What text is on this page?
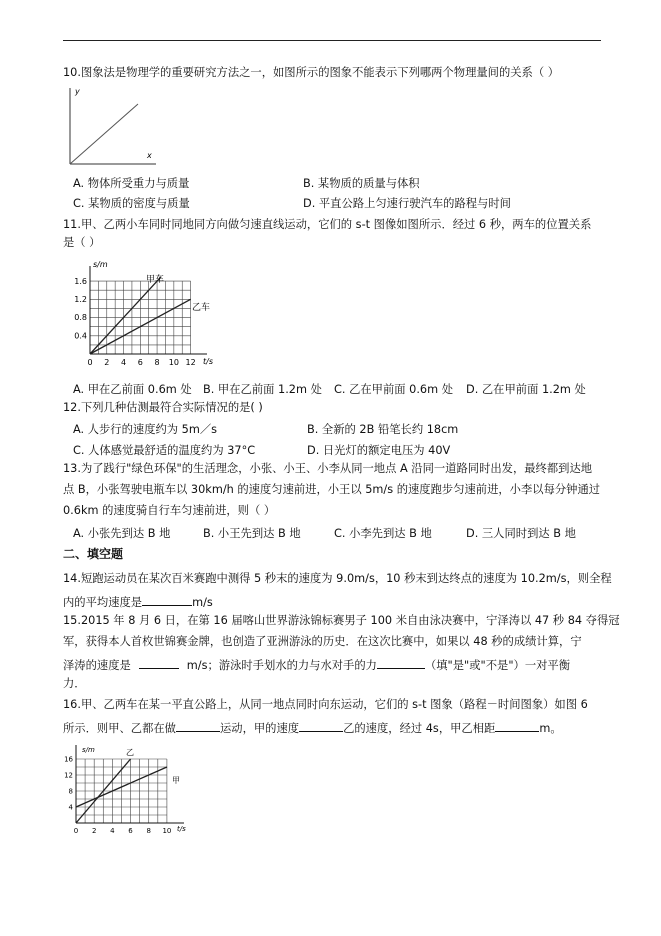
10.图象法是物理学的重要研究方法之一，如图所示的图象不能表示下列哪两个物理量间的关系（ ）
y
x
A. 物体所受重力与质量	B. 某物质的质量与体积
C. 某物质的密度与质量	D. 平直公路上匀速行驶汽车的路程与时间
11.甲、乙两小车同时同地同方向做匀速直线运动，它们的 s-t 图像如图所示．经过 6 秒，两车的位置关系
是（ ）
0 2 4 6 8 10 12
0.4
0.8
1.2
1.6
s/m
t/s
甲车
乙车
A. 甲在乙前面 0.6m 处 B. 甲在乙前面 1.2m 处 C. 乙在甲前面 0.6m 处 D. 乙在甲前面 1.2m 处
12.下列几种估测最符合实际情况的是( )
A. 人步行的速度约为 5m／s	B. 全新的 2B 铅笔长约 18cm
C. 人体感觉最舒适的温度约为 37°C	D. 日光灯的额定电压为 40V
13.为了践行"绿色环保"的生活理念，小张、小王、小李从同一地点 A 沿同一道路同时出发，最终都到达地
点 B，小张驾驶电瓶车以 30km/h 的速度匀速前进，小王以 5m/s 的速度跑步匀速前进，小李以每分钟通过
0.6km 的速度骑自行车匀速前进，则（ ）
A. 小张先到达 B 地	B. 小王先到达 B 地	C. 小李先到达 B 地	D. 三人同时到达 B 地
二、填空题
14.短跑运动员在某次百米赛跑中测得 5 秒末的速度为 9.0m/s，10 秒末到达终点的速度为 10.2m/s，则全程
内的平均速度是	m/s
15.2015 年 8 月 6 日，在第 16 届喀山世界游泳锦标赛男子 100 米自由泳决赛中，宁泽涛以 47 秒 84 夺得冠
军，获得本人首枚世锦赛金牌，也创造了亚洲游泳的历史．在这次比赛中，如果以 48 秒的成绩计算，宁
泽涛的速度是	m/s；游泳时手划水的力与水对手的力	（填"是"或"不是"）一对平衡
力．
16.甲、乙两车在某一平直公路上，从同一地点同时向东运动，它们的 s-t 图象（路程－时间图象）如图 6
所示．则甲、乙都在做	运动，甲的速度	乙的速度，经过 4s，甲乙相距	m。
0 2 4 6 8 10
4
8
12
16
s/m
t/s
乙
甲
